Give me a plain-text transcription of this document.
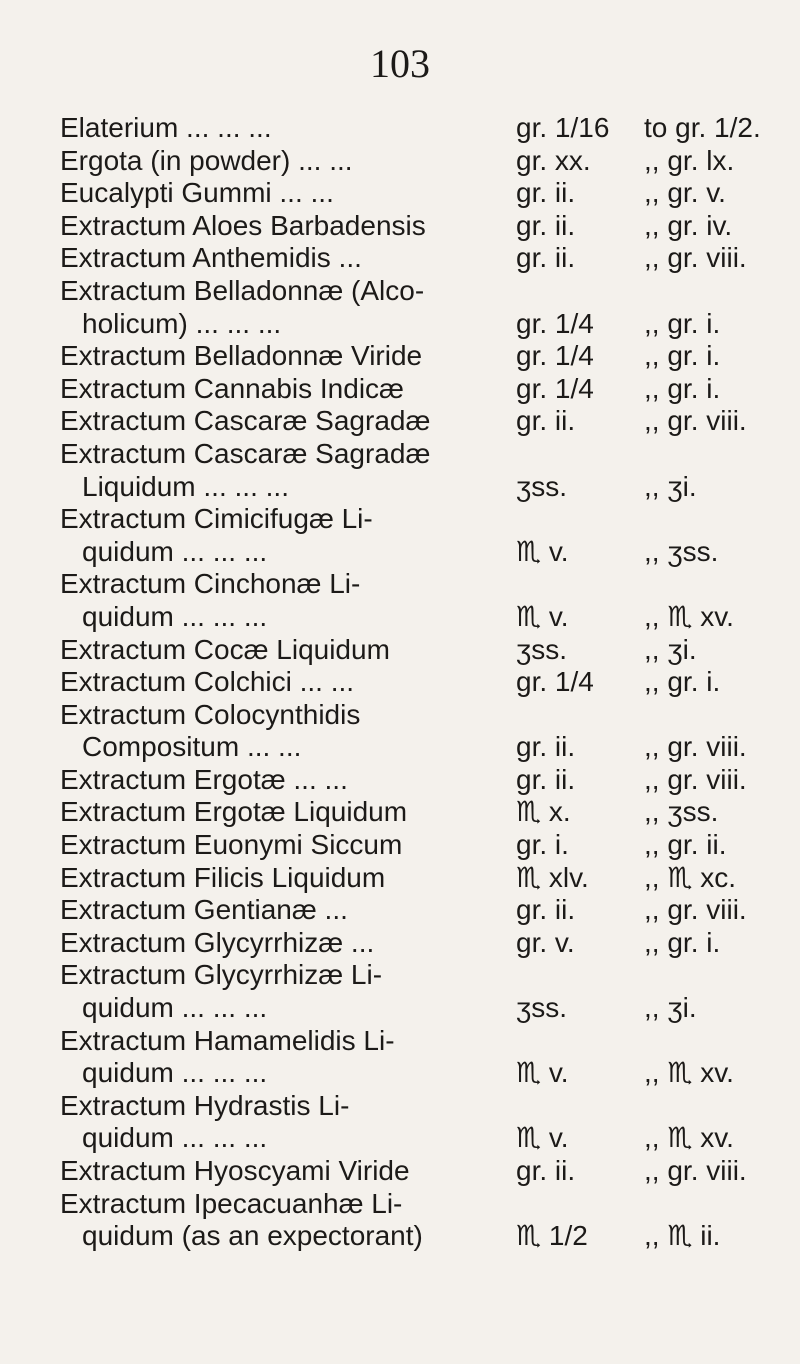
103
Elaterium ... ... ...	gr. 1/16 to gr. 1/2.
Ergota (in powder) ... ...	gr. xx. ,, gr. lx.
Eucalypti Gummi ... ...	gr. ii. ,, gr. v.
Extractum Aloes Barbadensis	gr. ii. ,, gr. iv.
Extractum Anthemidis ...	gr. ii. ,, gr. viii.
Extractum Belladonnæ (Alco-
holicum) ... ... ...	gr. 1/4 ,, gr. i.
Extractum Belladonnæ Viride	gr. 1/4 ,, gr. i.
Extractum Cannabis Indicæ	gr. 1/4 ,, gr. i.
Extractum Cascaræ Sagradæ	gr. ii. ,, gr. viii.
Extractum Cascaræ Sagradæ
Liquidum ... ... ...	ʒss.	,, ʒi.
Extractum Cimicifugæ Li-
quidum ... ... ...	♏ v.	,, ʒss.
Extractum Cinchonæ Li-
quidum ... ... ...	♏ v.	,, ♏ xv.
Extractum Cocæ Liquidum	ʒss.	,, ʒi.
Extractum Colchici ... ...	gr. 1/4 ,, gr. i.
Extractum Colocynthidis
Compositum ... ...	gr. ii. ,, gr. viii.
Extractum Ergotæ ... ...	gr. ii. ,, gr. viii.
Extractum Ergotæ Liquidum	♏ x.	,, ʒss.
Extractum Euonymi Siccum	gr. i.	,, gr. ii.
Extractum Filicis Liquidum	♏ xlv. ,, ♏ xc.
Extractum Gentianæ ...	gr. ii. ,, gr. viii.
Extractum Glycyrrhizæ ...	gr. v. ,, gr. i.
Extractum Glycyrrhizæ Li-
quidum ... ... ...	ʒss.	,, ʒi.
Extractum Hamamelidis Li-
quidum ... ... ...	♏ v.	,, ♏ xv.
Extractum Hydrastis Li-
quidum ... ... ...	♏ v.	,, ♏ xv.
Extractum Hyoscyami Viride	gr. ii. ,, gr. viii.
Extractum Ipecacuanhæ Li-
quidum (as an expectorant)	♏ 1/2 ,, ♏ ii.
